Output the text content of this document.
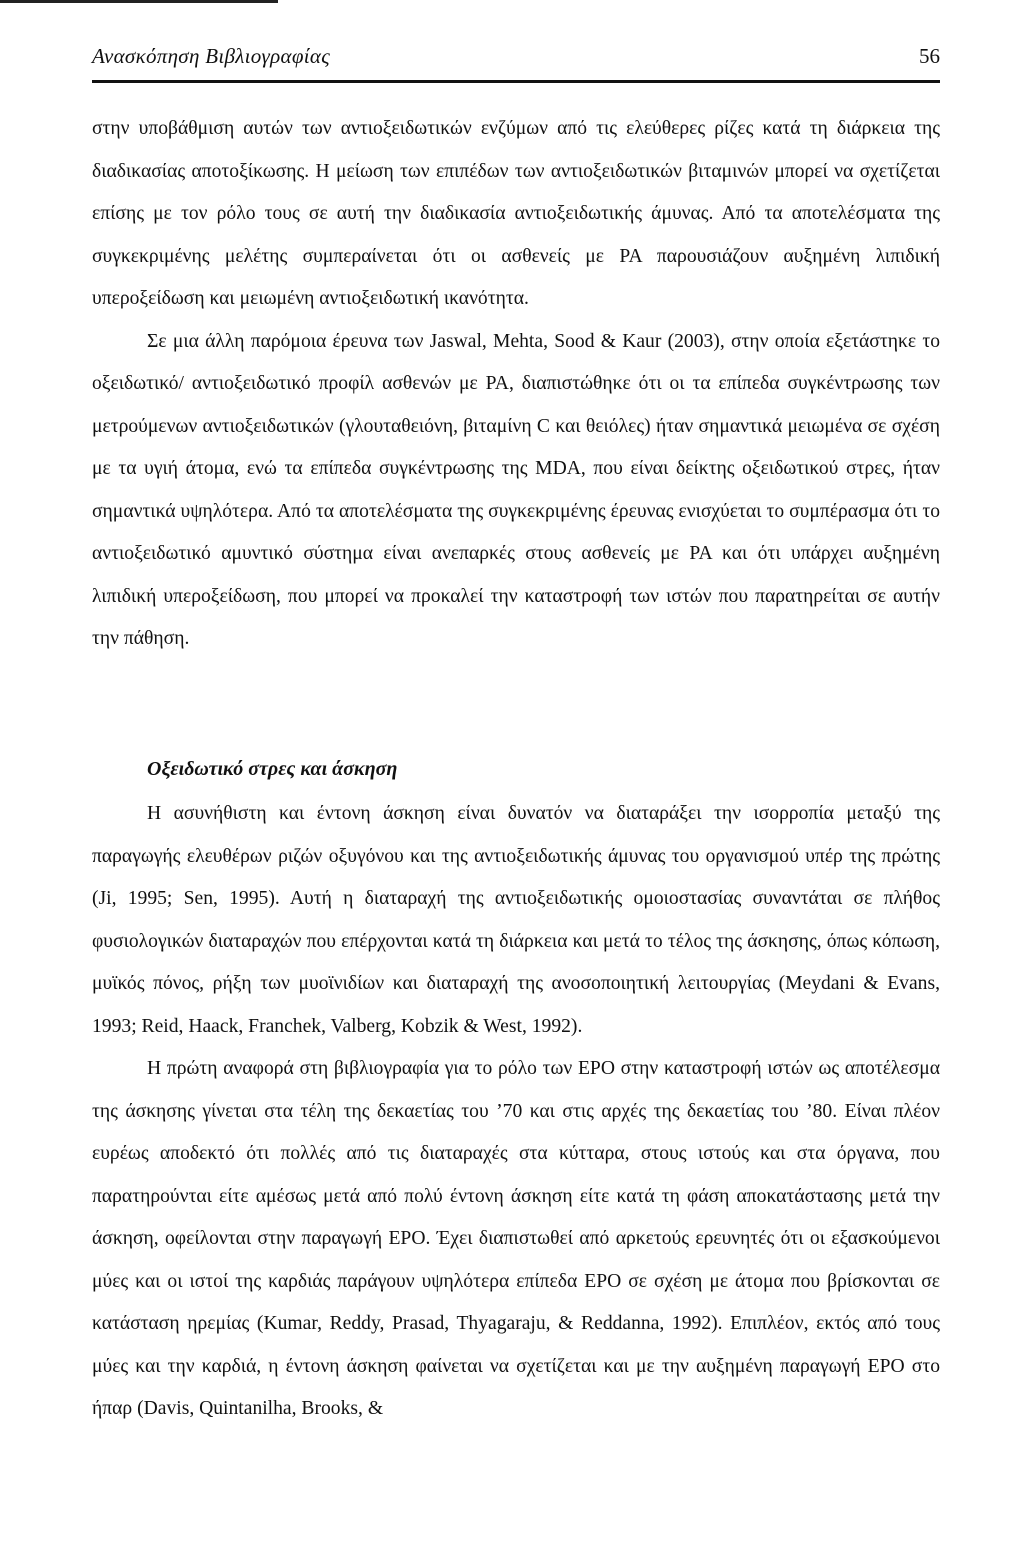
Ανασκόπηση Βιβλιογραφίας	56

στην υποβάθμιση αυτών των αντιοξειδωτικών ενζύμων από τις ελεύθερες ρίζες κατά τη διάρκεια της διαδικασίας αποτοξίκωσης. Η μείωση των επιπέδων των αντιοξειδωτικών βιταμινών μπορεί να σχετίζεται επίσης με τον ρόλο τους σε αυτή την διαδικασία αντιοξειδωτικής άμυνας. Από τα αποτελέσματα της συγκεκριμένης μελέτης συμπεραίνεται ότι οι ασθενείς με ΡΑ παρουσιάζουν αυξημένη λιπιδική υπεροξείδωση και μειωμένη αντιοξειδωτική ικανότητα.

Σε μια άλλη παρόμοια έρευνα των Jaswal, Mehta, Sood & Kaur (2003), στην οποία εξετάστηκε το οξειδωτικό/ αντιοξειδωτικό προφίλ ασθενών με ΡΑ, διαπιστώθηκε ότι οι τα επίπεδα συγκέντρωσης των μετρούμενων αντιοξειδωτικών (γλουταθειόνη, βιταμίνη C και θειόλες) ήταν σημαντικά μειωμένα σε σχέση με τα υγιή άτομα, ενώ τα επίπεδα συγκέντρωσης της MDA, που είναι δείκτης οξειδωτικού στρες, ήταν σημαντικά υψηλότερα. Από τα αποτελέσματα της συγκεκριμένης έρευνας ενισχύεται το συμπέρασμα ότι το αντιοξειδωτικό αμυντικό σύστημα είναι ανεπαρκές στους ασθενείς με ΡΑ και ότι υπάρχει αυξημένη λιπιδική υπεροξείδωση, που μπορεί να προκαλεί την καταστροφή των ιστών που παρατηρείται σε αυτήν την πάθηση.

Οξειδωτικό στρες και άσκηση

Η ασυνήθιστη και έντονη άσκηση είναι δυνατόν να διαταράξει την ισορροπία μεταξύ της παραγωγής ελευθέρων ριζών οξυγόνου και της αντιοξειδωτικής άμυνας του οργανισμού υπέρ της πρώτης (Ji, 1995; Sen, 1995). Αυτή η διαταραχή της αντιοξειδωτικής ομοιοστασίας συναντάται σε πλήθος φυσιολογικών διαταραχών που επέρχονται κατά τη διάρκεια και μετά το τέλος της άσκησης, όπως κόπωση, μυϊκός πόνος, ρήξη των μυοϊνιδίων και διαταραχή της ανοσοποιητική λειτουργίας (Meydani & Evans, 1993; Reid, Haack, Franchek, Valberg, Kobzik & West, 1992).

Η πρώτη αναφορά στη βιβλιογραφία για το ρόλο των ΕΡΟ στην καταστροφή ιστών ως αποτέλεσμα της άσκησης γίνεται στα τέλη της δεκαετίας του ’70 και στις αρχές της δεκαετίας του ’80. Είναι πλέον ευρέως αποδεκτό ότι πολλές από τις διαταραχές στα κύτταρα, στους ιστούς και στα όργανα, που παρατηρούνται είτε αμέσως μετά από πολύ έντονη άσκηση είτε κατά τη φάση αποκατάστασης μετά την άσκηση, οφείλονται στην παραγωγή ΕΡΟ. Έχει διαπιστωθεί από αρκετούς ερευνητές ότι οι εξασκούμενοι μύες και οι ιστοί της καρδιάς παράγουν υψηλότερα επίπεδα ΕΡΟ σε σχέση με άτομα που βρίσκονται σε κατάσταση ηρεμίας (Kumar, Reddy, Prasad, Thyagaraju, & Reddanna, 1992). Επιπλέον, εκτός από τους μύες και την καρδιά, η έντονη άσκηση φαίνεται να σχετίζεται και με την αυξημένη παραγωγή ΕΡΟ στο ήπαρ (Davis, Quintanilha, Brooks, &
